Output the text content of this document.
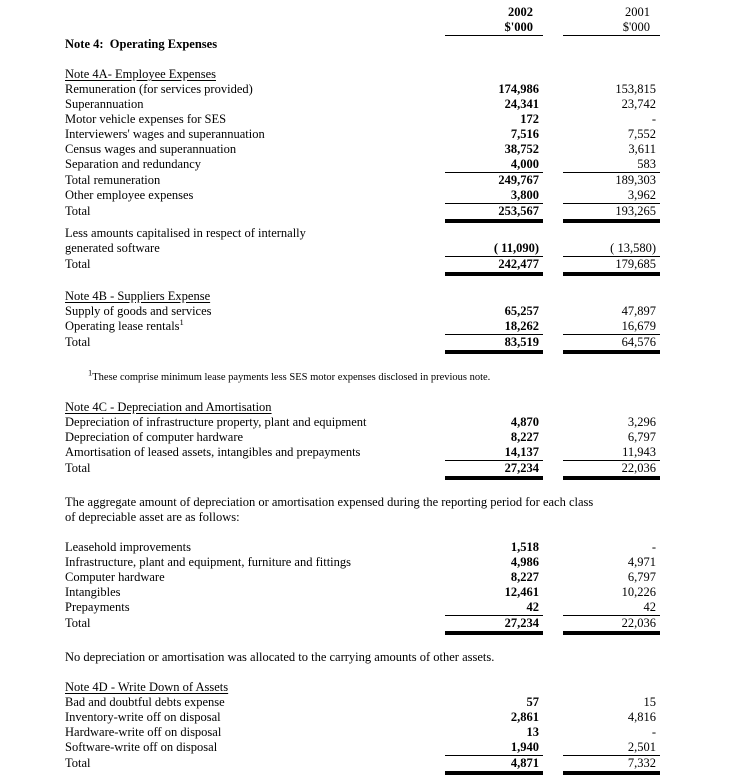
2002	2001
$'000	$'000
Note 4:  Operating Expenses
Note 4A- Employee Expenses
Remuneration (for services provided)	174,986	153,815
Superannuation	24,341	23,742
Motor vehicle expenses for SES	172	-
Interviewers' wages and superannuation	7,516	7,552
Census wages and superannuation	38,752	3,611
Separation and redundancy	4,000	583
Total remuneration	249,767	189,303
Other employee expenses	3,800	3,962
Total	253,567	193,265
Less amounts capitalised in respect of internally
generated software	( 11,090)	( 13,580)
Total	242,477	179,685
Note 4B - Suppliers Expense
Supply of goods and services	65,257	47,897
Operating lease rentals$^1$	18,262	16,679
Total	83,519	64,576
$^1$These comprise minimum lease payments less SES motor expenses disclosed in previous note.
Note 4C - Depreciation and Amortisation
Depreciation of infrastructure property, plant and equipment	4,870	3,296
Depreciation of computer hardware	8,227	6,797
Amortisation of leased assets, intangibles and prepayments	14,137	11,943
Total	27,234	22,036
The aggregate amount of depreciation or amortisation expensed during the reporting period for each class
of depreciable asset are as follows:
Leasehold improvements	1,518	-
Infrastructure, plant and equipment, furniture and fittings	4,986	4,971
Computer hardware	8,227	6,797
Intangibles	12,461	10,226
Prepayments	42	42
Total	27,234	22,036
No depreciation or amortisation was allocated to the carrying amounts of other assets.
Note 4D - Write Down of Assets
Bad and doubtful debts expense	57	15
Inventory-write off on disposal	2,861	4,816
Hardware-write off on disposal	13	-
Software-write off on disposal	1,940	2,501
Total	4,871	7,332
